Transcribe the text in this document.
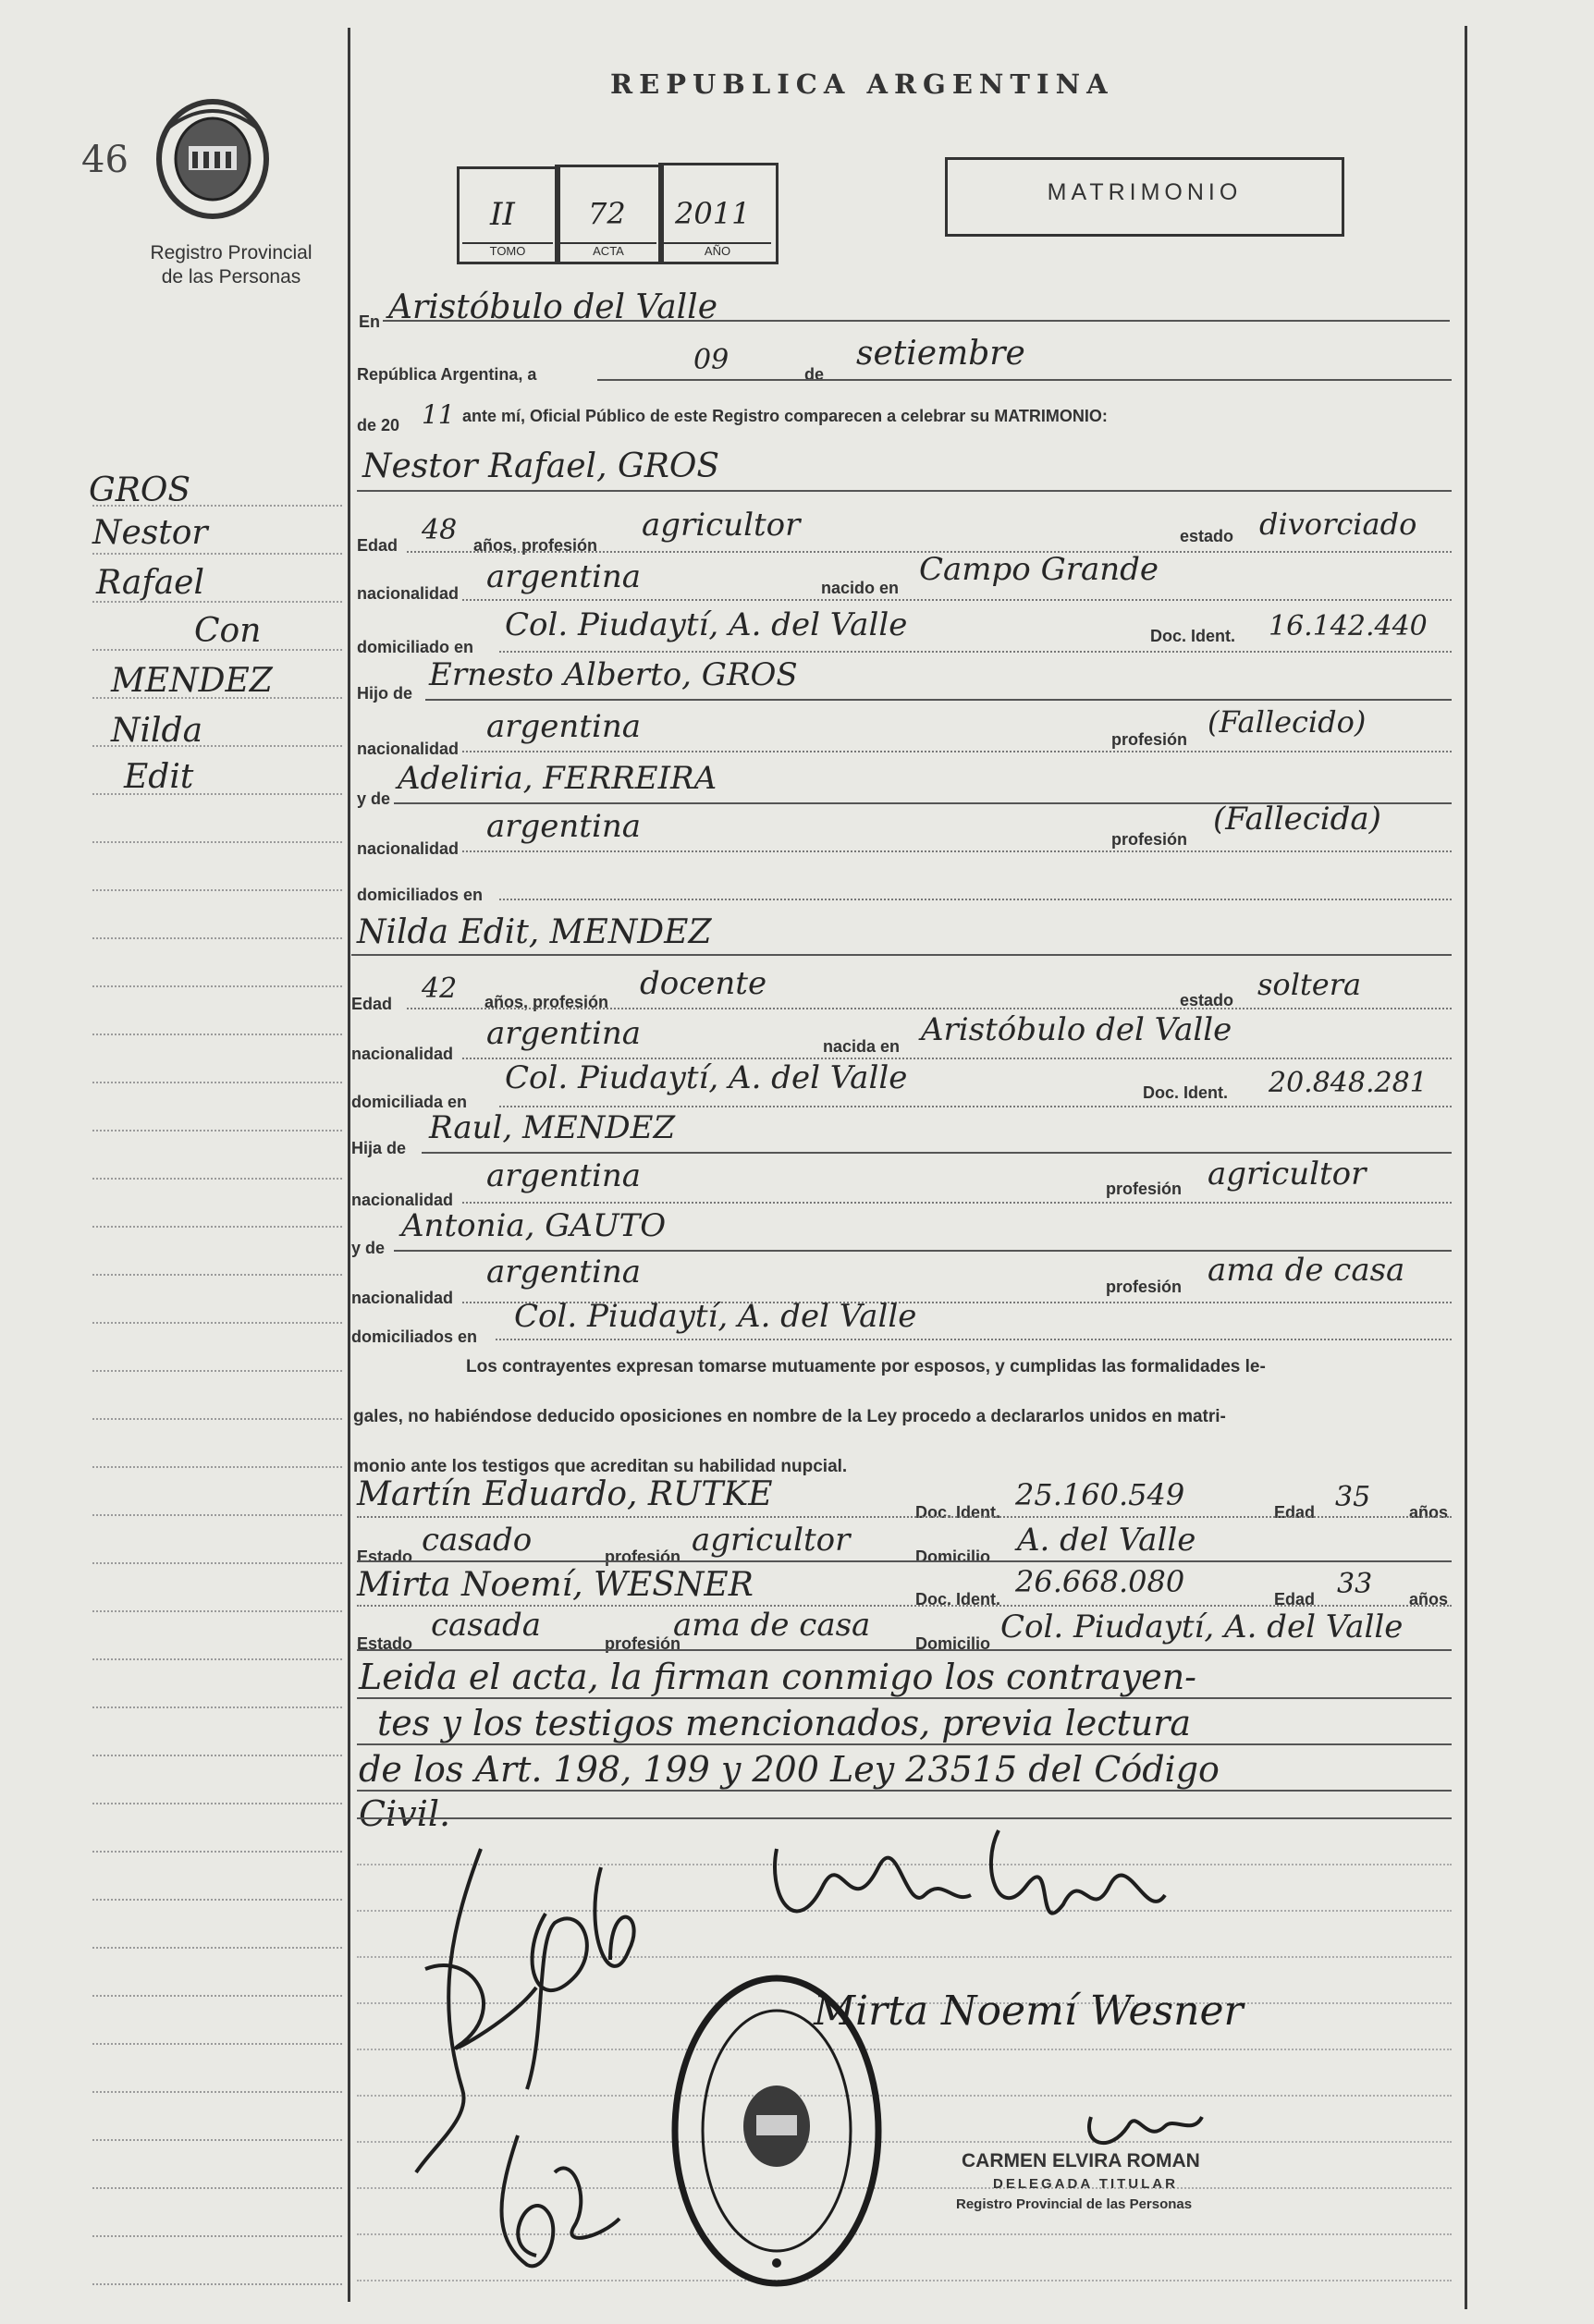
46
Registro Provincial
de las Personas
REPUBLICA ARGENTINA
II 72 2011
TOMO	ACTA	AÑO
MATRIMONIO
GROS
Nestor
Rafael
Con
MENDEZ
Nilda
Edit
En Aristóbulo del Valle
República Argentina, a	09	de
setiembre
de 20 11 ante mí, Oficial Público de este Registro comparecen a celebrar su MATRIMONIO:
Nestor Rafael, GROS
Edad 48 años, profesión
agricultor	estado divorciado
nacionalidad argentina	nacido en Campo Grande
domiciliado en
Col. Piudaytí, A. del Valle	Doc. Ident. 16.142.440
Hijo de Ernesto Alberto, GROS
nacionalidad
argentina	profesión (Fallecido)
y de
Adeliria, FERREIRA
nacionalidad
argentina	profesión
(Fallecida)
domiciliados en
Nilda Edit, MENDEZ
Edad 42 años, profesión docente	estado soltera
nacionalidad
argentina	nacida en Aristóbulo del Valle
domiciliada en
Col. Piudaytí, A. del Valle	Doc. Ident. 20.848.281
Hija de
Raul, MENDEZ
nacionalidad
argentina	profesión agricultor
y de
Antonia, GAUTO
nacionalidad
argentina	profesión ama de casa
domiciliados en
Col. Piudaytí, A. del Valle
Los contrayentes expresan tomarse mutuamente por esposos, y cumplidas las formalidades le-
gales, no habiéndose deducido oposiciones en nombre de la Ley procedo a declararlos unidos en matri-
monio ante los testigos que acreditan su habilidad nupcial.
Martín Eduardo, RUTKE	Doc. Ident. 25.160.549	Edad 35 años
Estado casado	profesión agricultor	Domicilio A. del Valle
Mirta Noemí, WESNER	Doc. Ident. 26.668.080	Edad 33 años
Estado casada	profesión
ama de casa	Domicilio Col. Piudaytí, A. del Valle
Leida el acta, la firman conmigo los contrayen-
tes y los testigos mencionados, previa lectura
de los Art. 198, 199 y 200 Ley 23515 del Código
Civil.
Mirta Noemí Wesner
CARMEN ELVIRA ROMAN
DELEGADA TITULAR
Registro Provincial de las Personas
